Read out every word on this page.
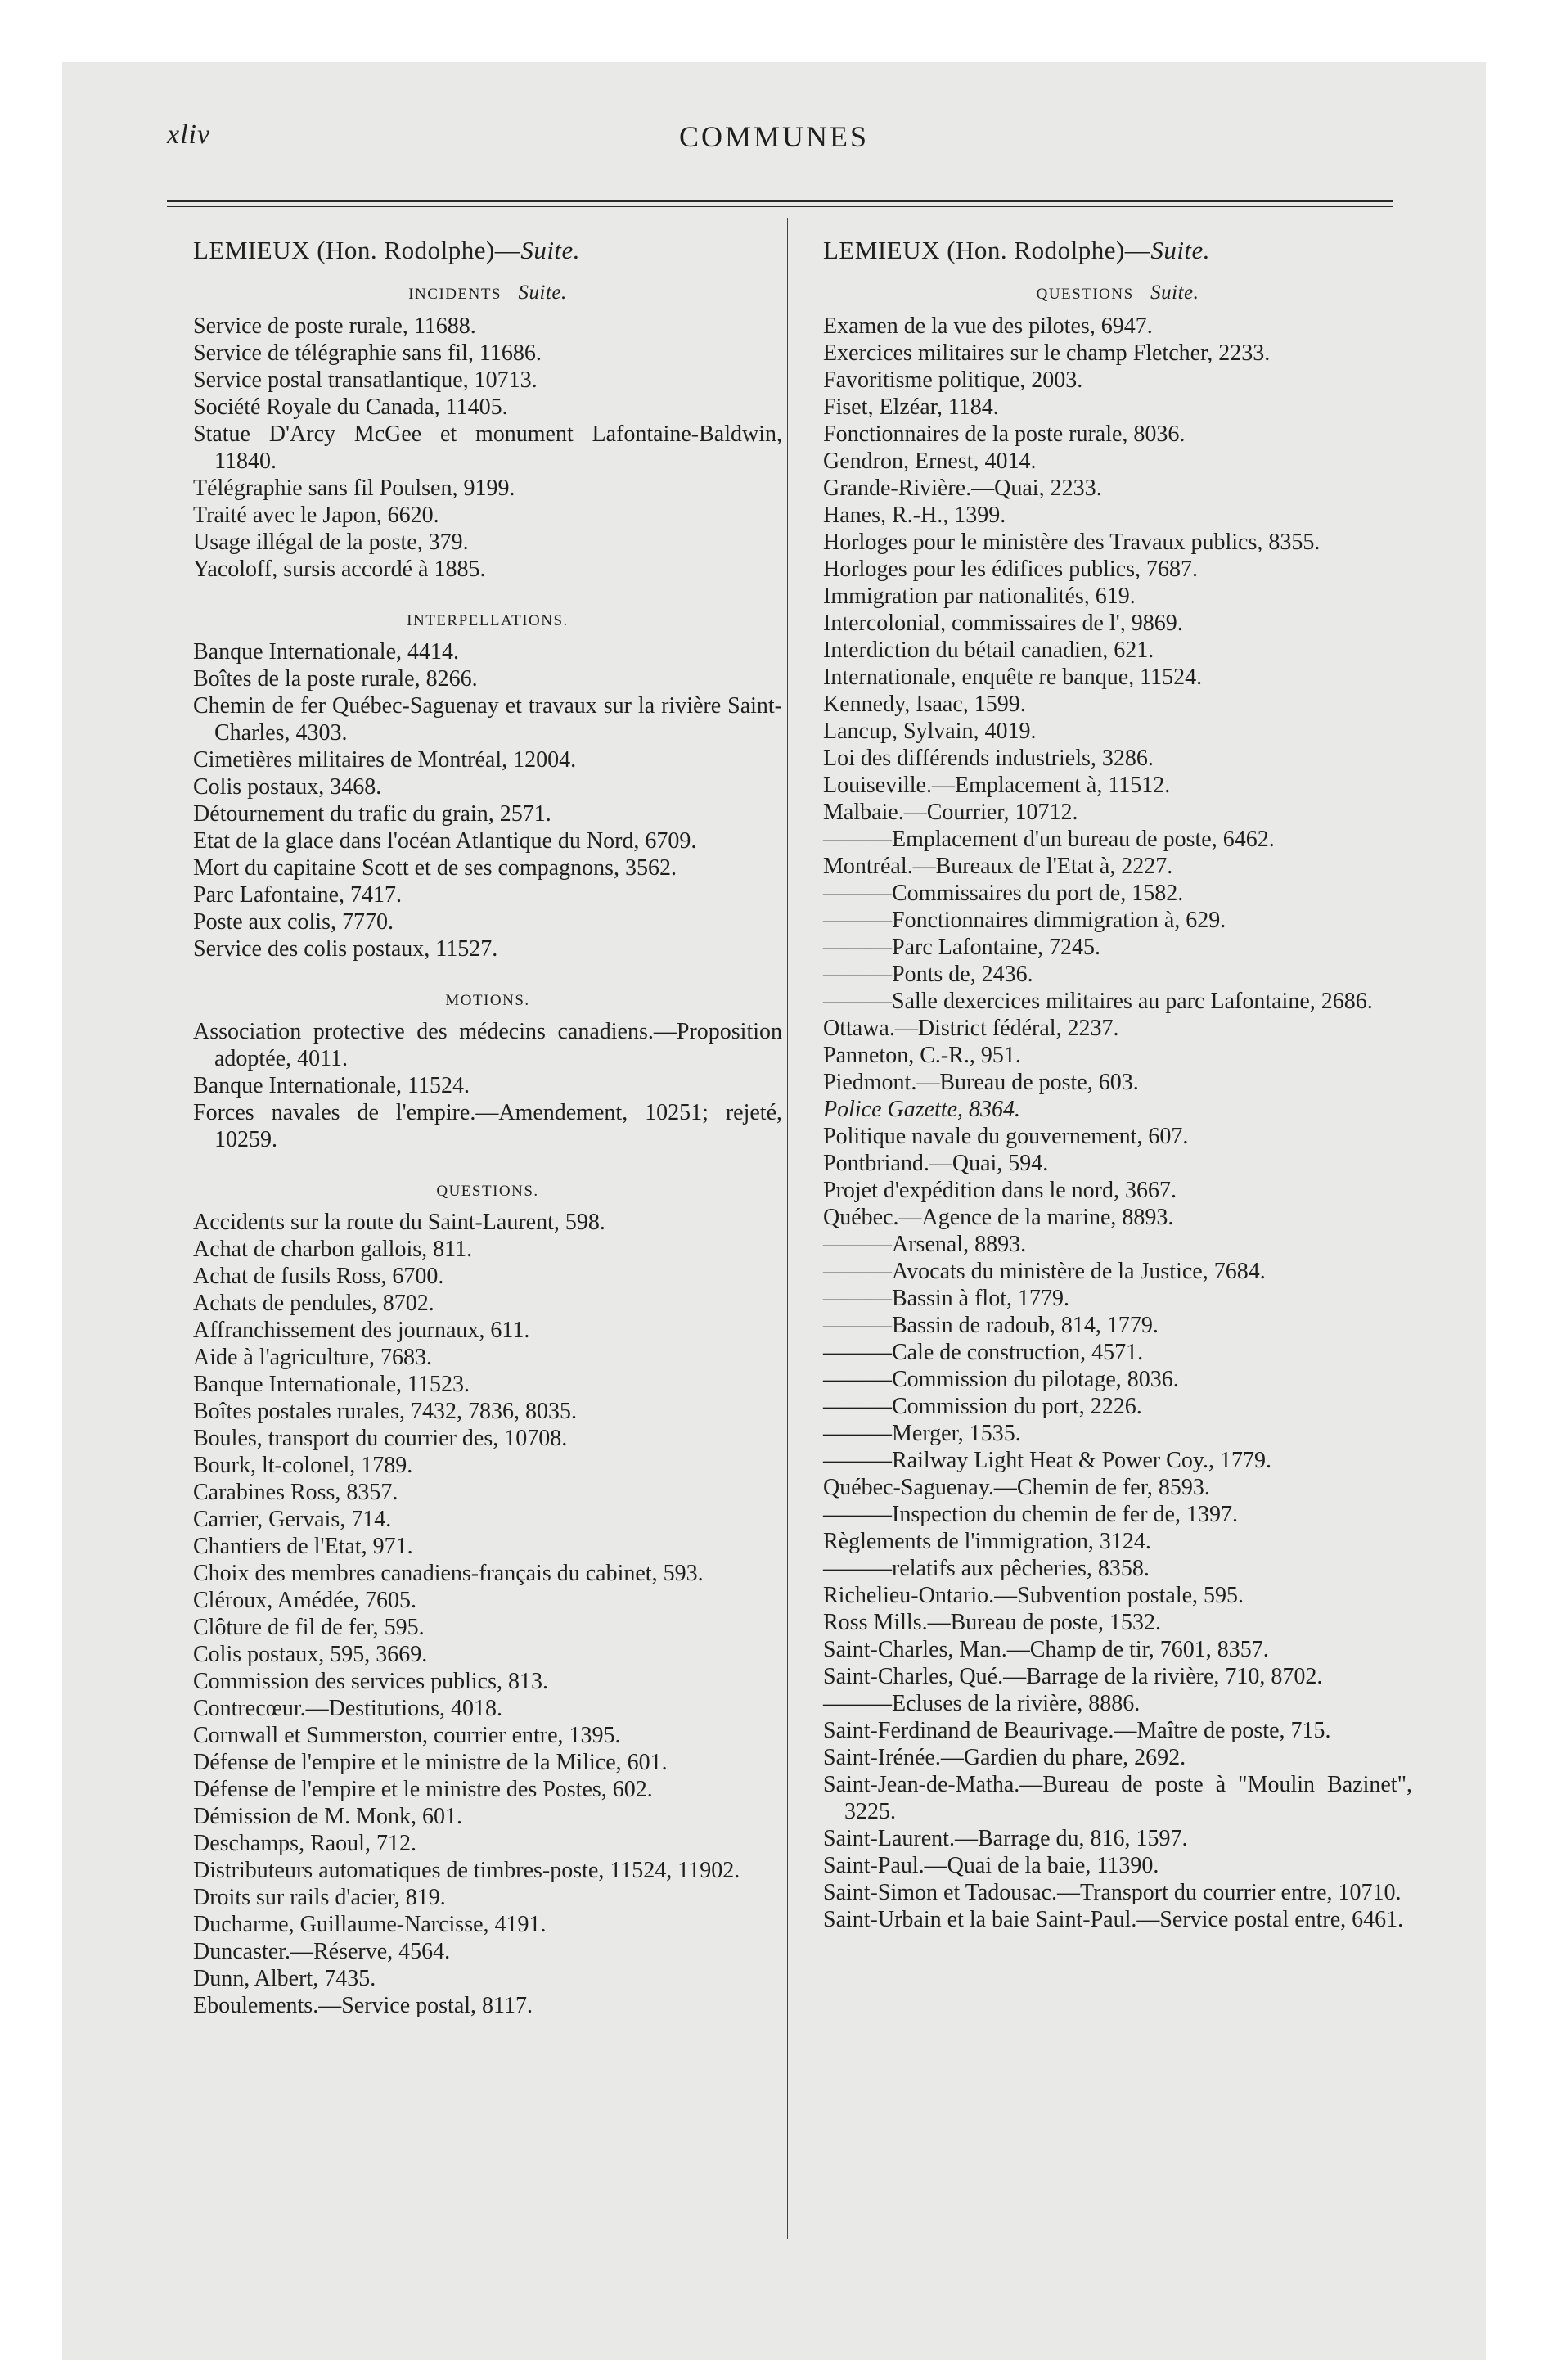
xliv	COMMUNES
LEMIEUX (Hon. Rodolphe)—Suite.
INCIDENTS—Suite.
Service de poste rurale, 11688.
Service de télégraphie sans fil, 11686.
Service postal transatlantique, 10713.
Société Royale du Canada, 11405.
Statue D'Arcy McGee et monument Lafontaine-Baldwin, 11840.
Télégraphie sans fil Poulsen, 9199.
Traité avec le Japon, 6620.
Usage illégal de la poste, 379.
Yacoloff, sursis accordé à 1885.
INTERPELLATIONS.
Banque Internationale, 4414.
Boîtes de la poste rurale, 8266.
Chemin de fer Québec-Saguenay et travaux sur la rivière Saint-Charles, 4303.
Cimetières militaires de Montréal, 12004.
Colis postaux, 3468.
Détournement du trafic du grain, 2571.
Etat de la glace dans l'océan Atlantique du Nord, 6709.
Mort du capitaine Scott et de ses compagnons, 3562.
Parc Lafontaine, 7417.
Poste aux colis, 7770.
Service des colis postaux, 11527.
MOTIONS.
Association protective des médecins canadiens.—Proposition adoptée, 4011.
Banque Internationale, 11524.
Forces navales de l'empire.—Amendement, 10251; rejeté, 10259.
QUESTIONS.
Accidents sur la route du Saint-Laurent, 598.
Achat de charbon gallois, 811.
Achat de fusils Ross, 6700.
Achats de pendules, 8702.
Affranchissement des journaux, 611.
Aide à l'agriculture, 7683.
Banque Internationale, 11523.
Boîtes postales rurales, 7432, 7836, 8035.
Boules, transport du courrier des, 10708.
Bourk, lt-colonel, 1789.
Carabines Ross, 8357.
Carrier, Gervais, 714.
Chantiers de l'Etat, 971.
Choix des membres canadiens-français du cabinet, 593.
Cléroux, Amédée, 7605.
Clôture de fil de fer, 595.
Colis postaux, 595, 3669.
Commission des services publics, 813.
Contrecœur.—Destitutions, 4018.
Cornwall et Summerston, courrier entre, 1395.
Défense de l'empire et le ministre de la Milice, 601.
Défense de l'empire et le ministre des Postes, 602.
Démission de M. Monk, 601.
Deschamps, Raoul, 712.
Distributeurs automatiques de timbres-poste, 11524, 11902.
Droits sur rails d'acier, 819.
Ducharme, Guillaume-Narcisse, 4191.
Duncaster.—Réserve, 4564.
Dunn, Albert, 7435.
Eboulements.—Service postal, 8117.
LEMIEUX (Hon. Rodolphe)—Suite.
QUESTIONS—Suite.
Examen de la vue des pilotes, 6947.
Exercices militaires sur le champ Fletcher, 2233.
Favoritisme politique, 2003.
Fiset, Elzéar, 1184.
Fonctionnaires de la poste rurale, 8036.
Gendron, Ernest, 4014.
Grande-Rivière.—Quai, 2233.
Hanes, R.-H., 1399.
Horloges pour le ministère des Travaux publics, 8355.
Horloges pour les édifices publics, 7687.
Immigration par nationalités, 619.
Intercolonial, commissaires de l', 9869.
Interdiction du bétail canadien, 621.
Internationale, enquête re banque, 11524.
Kennedy, Isaac, 1599.
Lancup, Sylvain, 4019.
Loi des différends industriels, 3286.
Louiseville.—Emplacement à, 11512.
Malbaie.—Courrier, 10712.
———Emplacement d'un bureau de poste, 6462.
Montréal.—Bureaux de l'Etat à, 2227.
———Commissaires du port de, 1582.
———Fonctionnaires dimmigration à, 629.
———Parc Lafontaine, 7245.
———Ponts de, 2436.
———Salle dexercices militaires au parc Lafontaine, 2686.
Ottawa.—District fédéral, 2237.
Panneton, C.-R., 951.
Piedmont.—Bureau de poste, 603.
Police Gazette, 8364.
Politique navale du gouvernement, 607.
Pontbriand.—Quai, 594.
Projet d'expédition dans le nord, 3667.
Québec.—Agence de la marine, 8893.
———Arsenal, 8893.
———Avocats du ministère de la Justice, 7684.
———Bassin à flot, 1779.
———Bassin de radoub, 814, 1779.
———Cale de construction, 4571.
———Commission du pilotage, 8036.
———Commission du port, 2226.
———Merger, 1535.
———Railway Light Heat & Power Coy., 1779.
Québec-Saguenay.—Chemin de fer, 8593.
———Inspection du chemin de fer de, 1397.
Règlements de l'immigration, 3124.
———relatifs aux pêcheries, 8358.
Richelieu-Ontario.—Subvention postale, 595.
Ross Mills.—Bureau de poste, 1532.
Saint-Charles, Man.—Champ de tir, 7601, 8357.
Saint-Charles, Qué.—Barrage de la rivière, 710, 8702.
———Ecluses de la rivière, 8886.
Saint-Ferdinand de Beaurivage.—Maître de poste, 715.
Saint-Irénée.—Gardien du phare, 2692.
Saint-Jean-de-Matha.—Bureau de poste à "Moulin Bazinet", 3225.
Saint-Laurent.—Barrage du, 816, 1597.
Saint-Paul.—Quai de la baie, 11390.
Saint-Simon et Tadousac.—Transport du courrier entre, 10710.
Saint-Urbain et la baie Saint-Paul.—Service postal entre, 6461.
